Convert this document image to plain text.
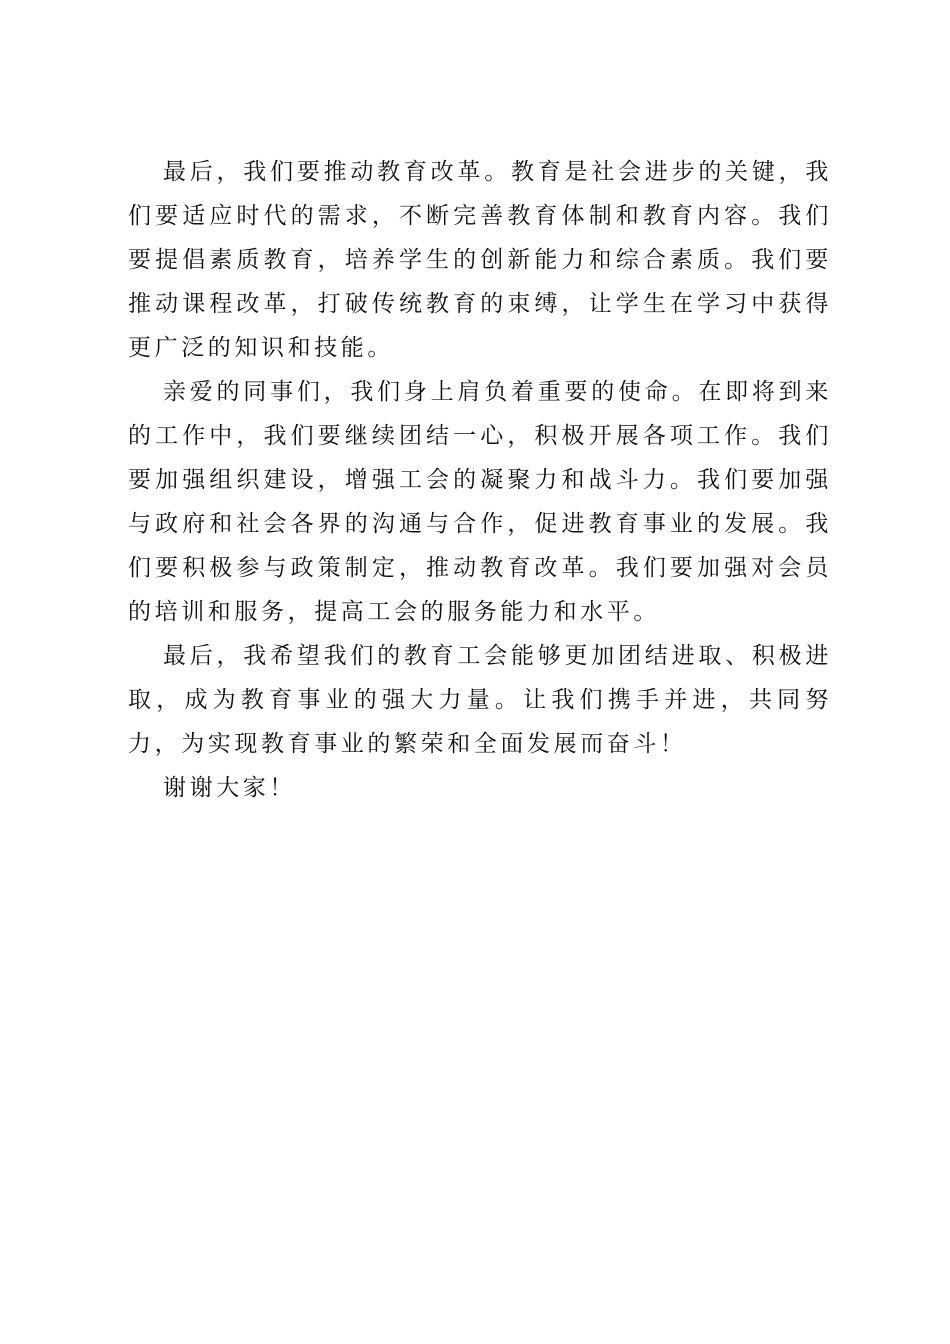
最后，我们要推动教育改革。教育是社会进步的关键，我们要适应时代的需求，不断完善教育体制和教育内容。我们要提倡素质教育，培养学生的创新能力和综合素质。我们要推动课程改革，打破传统教育的束缚，让学生在学习中获得更广泛的知识和技能。

亲爱的同事们，我们身上肩负着重要的使命。在即将到来的工作中，我们要继续团结一心，积极开展各项工作。我们要加强组织建设，增强工会的凝聚力和战斗力。我们要加强与政府和社会各界的沟通与合作，促进教育事业的发展。我们要积极参与政策制定，推动教育改革。我们要加强对会员的培训和服务，提高工会的服务能力和水平。

最后，我希望我们的教育工会能够更加团结进取、积极进取，成为教育事业的强大力量。让我们携手并进，共同努力，为实现教育事业的繁荣和全面发展而奋斗！

谢谢大家！
